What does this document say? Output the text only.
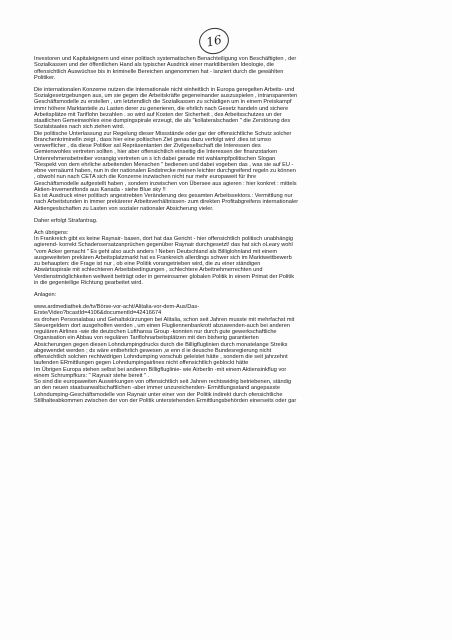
16

Investoren und Kapitaleignern und einer politisch systematischen Benachteiligung von Beschäftigten , der
Sozialkassen und der öffentlichen Hand als typischer Ausdrick einer marktliberslen Ideologie, die
offensichtlich Auswüchse bis in kriminelle Bereichen angenommen hat - lanziert durch die gewählten
Politiker.

Die internationalen Konzerne nutzen die internationale nicht einheitlich in Europa geregelten Arbeits- und
Sozialgesetzgebungen aus, um sie gegen die Arbeitskräfte gegeneinander auszuspielen , intransparenten
Geschäftsmodelle zu erstellen , um letztendlich die Sozialkassen zu schädigen um in einem Preiskampf
immr höhere Marktanteile zu Lasten derer zu generieren, die ehrlich nach Gesetz handeln und sichere
Arbeitsplätze mit Tariflohn bezahlen . so wird auf Kosten der Sicherheit , des Arbeitsschutzes un der
staatlichen Gemeinwohles eine dumpingspirale erzeugt, die als "kollateralschaden " die Zerstörung des
Sozialstaates nach sich ziehen wird.
Die politische Unterlassung zur Regelung dieser Missstände oder gar der offensichtliche Schutz solcher
Branchenkriminelln zeigt , dass hier eine poltischen Ziel genau dazu verfolgt wird .dies ist umso
verwerflicher , da diese Politker asl Repräsentanten der Zivilgesellschaft die Interessen des
Gemienwohles vertreten sollten , hier aber offensichtlich einseitig die Interessen der finanzstarken
Untenrehmensbetreiber vorangig vertreten un s ich dabei gerade mit wahlampfpolitischen Slogan
"Respekt von dem ehrliche arbeitenden Menschen " bedienen und dabei vogeben das , was sie auf EU -
ebne verraäumt haben, nun in der nationalen Endstrecke meinen leichter durchgreifend regeln zu können
, obwohl nun nach CETA sich die Konzerne inzwischen nicht nur mehr europaweit für ihre
Geschäftsmodelle aufgestellt haben , sondern inzwischen von Übersee aus agieren : hier konkret : mittels
Aktien-Invementfonds aus Kanada - siehe Blue sky !!
Es ist Ausdruck einer politisch angestrebten Veränderung des gesamten Arbeitssektors.: Vermittlung nur
nach Arbeitstunden in immer prekärerer Arbeitsverhältnissen- zum direkten Profitabgreifens internationaler
Aktiengeslschaften zu Lasten von sozialer nationaler Absicherung vieler.

Daher erfolgt Strafantrag.

Ach übrigens:
In Frankreich gibt es keine Raynair- basen, dort hat das Gericht - hier offensichtlich politisch unabhängig
agierend- korrekt Schadensersatzanprüchen gegenüber Raynair durchgesetzt! das hat sich oLeary wohl
"vom Acker gemacht " Es geht also auch anders ! Neben Deutschland als Billiglohnland mit einem
ausgeweiteten prekären Arbeitsplatzmarkt hat es Frankreich allerdings schwer sich im Marktwettbewerb
zu behaupten: die Frage ist nur , ob eine Politik vorangetrieben wird, die zu einer ständigen
Abwärtsspirale mit schlechteren Arbeitsbedingungen , schlechtere Arbeitnehmerrechten und
Verdienstmöglichkeiten weltweit beiträgt oder in gemeinsamer globalen Politik in einem Primat der Politik
in die gegenteilige Richtung gearbeitet wird.

Anlagen:

www.ardmediathek.de/tv/Börse-vor-acht/Alitalia-vor-dem-Aus/Das-
Erste/Video?bcastId=4106&documentId=42416674

es drohen Personalabau und Gehaltskürzungen bei Alitalia, schon seit Jahren musste mit mehrfachst mit
Steuergeldern dort ausgeholfen werden , um einen Flugliennenbankrott abzuwenden-auch bei anderen
regulären Airlines -wie die deutschen Lufthansa Group -konnten nur durch gute gewerkschaftliche
Organisation ein Abbau von regulären Tariflohnarbeitsplätzen mit den bisherig garantierten
Absicherungen gegen diesen Lohndumpingdrucks durch die Billigfluglinien durch monatelange Streiks
abgewendet werden ; ds wäre entbehrlich gewesen ,w enn d ie deusche Bundesregierung nicht
offensichtlich solchen rechtwidrigen Lohndumping vorschub geleistet hätte , sondern die seit jahrzehnt
laufenden ERmittlungen gegen Lohndumpingairlines nicht offensichtlich geblockt hätte
Im Übrigen Europa stehen selbst bei anderen Billigfluglinie- wie Airberlin -mit einem Aktiensinkflug vor
einem Schrumpfkurs: " Raynair stehe bereit " .
So sind die europaweiten Auswirkungen von offensichtlich seit Jahren rechtswidrig betriebenen, ständig
an den neuen staatsanwaltschaftlichen -aber immer unzureichenden- Ermittlungsstand angepasste
Lohndumping-Geschäftsmodelle von Raynair unter einer von der Politik indirekt durch ofensichtliche
Stillhalteabkommen zwischen der von der Politik unterstehenden Ermittlungsbehörden einerseits oder gar
